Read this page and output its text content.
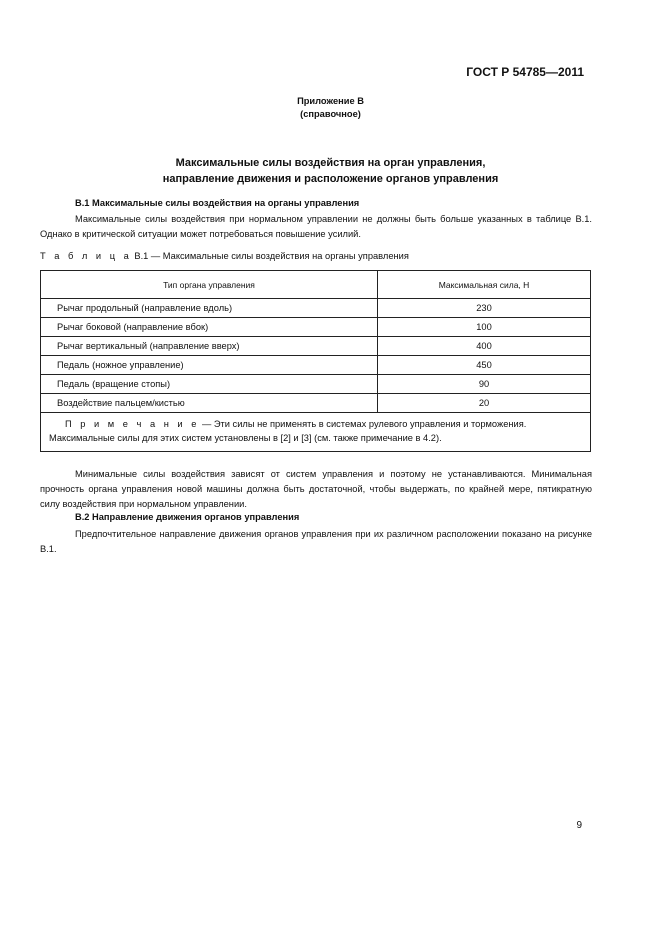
ГОСТ Р 54785—2011
Приложение В
(справочное)
Максимальные силы воздействия на орган управления,
направление движения и расположение органов управления
В.1 Максимальные силы воздействия на органы управления
Максимальные силы воздействия при нормальном управлении не должны быть больше указанных в таблице В.1. Однако в критической ситуации может потребоваться повышение усилий.
Т а б л и ц а В.1 — Максимальные силы воздействия на органы управления
Тип органа управления	Максимальная сила, Н
Рычаг продольный (направление вдоль)	230
Рычаг боковой (направление вбок)	100
Рычаг вертикальный (направление вверх)	400
Педаль (ножное управление)	450
Педаль (вращение стопы)	90
Воздействие пальцем/кистью	20
П р и м е ч а н и е — Эти силы не применять в системах рулевого управления и торможения. Максимальные силы для этих систем установлены в [2] и [3] (см. также примечание в 4.2).	
Минимальные силы воздействия зависят от систем управления и поэтому не устанавливаются. Минимальная прочность органа управления новой машины должна быть достаточной, чтобы выдержать, по крайней мере, пятикратную силу воздействия при нормальном управлении.
В.2 Направление движения органов управления
Предпочтительное направление движения органов управления при их различном расположении показано на рисунке В.1.
9
